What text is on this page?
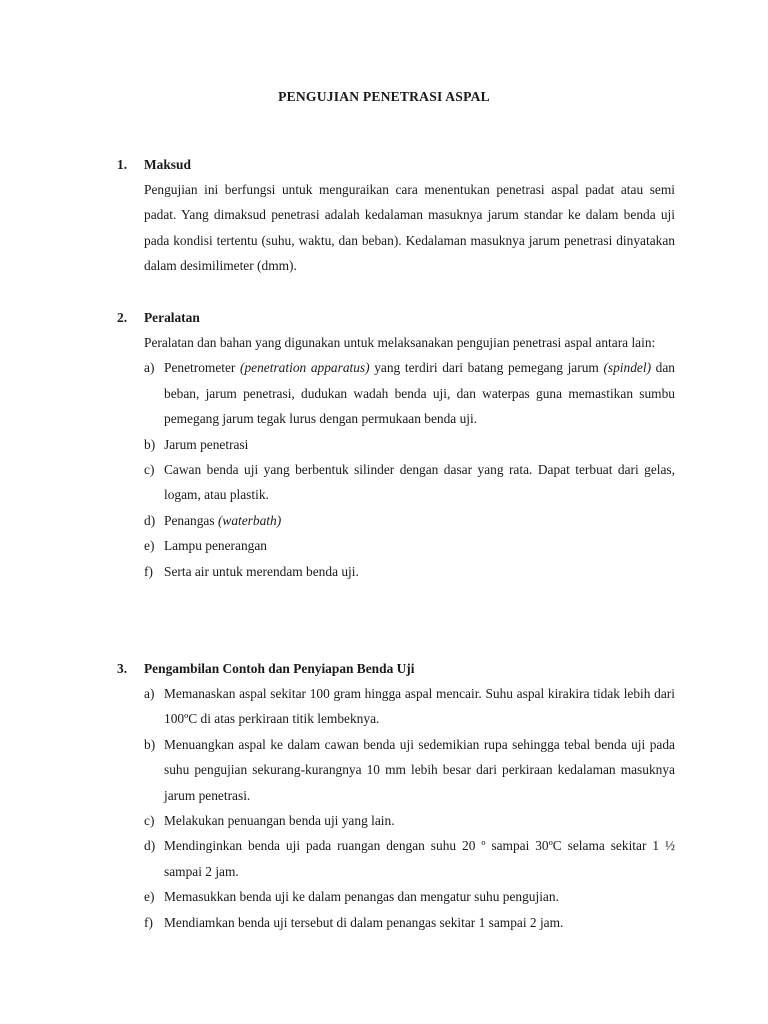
PENGUJIAN PENETRASI ASPAL
1.	Maksud
Pengujian ini berfungsi untuk menguraikan cara menentukan penetrasi aspal padat atau semi padat. Yang dimaksud penetrasi adalah kedalaman masuknya jarum standar ke dalam benda uji pada kondisi tertentu (suhu, waktu, dan beban). Kedalaman masuknya jarum penetrasi dinyatakan dalam desimilimeter (dmm).
2.	Peralatan
Peralatan dan bahan yang digunakan untuk melaksanakan pengujian penetrasi aspal antara lain:
a) Penetrometer (penetration apparatus) yang terdiri dari batang pemegang jarum (spindel) dan beban, jarum penetrasi, dudukan wadah benda uji, dan waterpas guna memastikan sumbu pemegang jarum tegak lurus dengan permukaan benda uji.
b) Jarum penetrasi
c) Cawan benda uji yang berbentuk silinder dengan dasar yang rata. Dapat terbuat dari gelas, logam, atau plastik.
d) Penangas (waterbath)
e) Lampu penerangan
f) Serta air untuk merendam benda uji.
3.	Pengambilan Contoh dan Penyiapan Benda Uji
a) Memanaskan aspal sekitar 100 gram hingga aspal mencair. Suhu aspal kirakira tidak lebih dari 100ºC di atas perkiraan titik lembeknya.
b) Menuangkan aspal ke dalam cawan benda uji sedemikian rupa sehingga tebal benda uji pada suhu pengujian sekurang-kurangnya 10 mm lebih besar dari perkiraan kedalaman masuknya jarum penetrasi.
c) Melakukan penuangan benda uji yang lain.
d) Mendinginkan benda uji pada ruangan dengan suhu 20 º sampai 30ºC selama sekitar 1 ½ sampai 2 jam.
e) Memasukkan benda uji ke dalam penangas dan mengatur suhu pengujian.
f) Mendiamkan benda uji tersebut di dalam penangas sekitar 1 sampai 2 jam.
